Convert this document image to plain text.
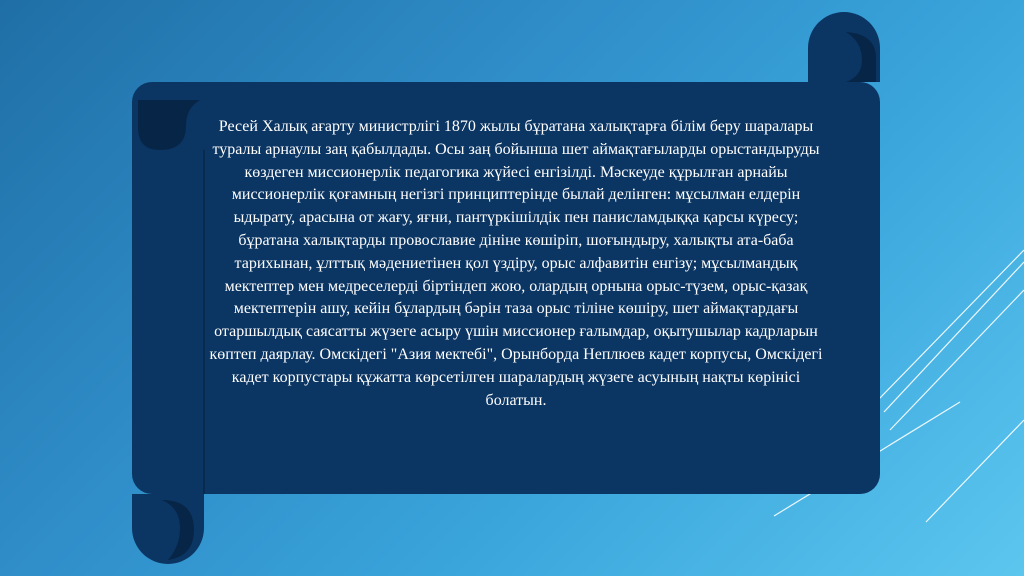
Ресей Халық ағарту министрлігі 1870 жылы бұратана халықтарға білім беру шаралары туралы арнаулы заң қабылдады. Осы заң бойынша шет аймақтағыларды орыстандыруды көздеген миссионерлік педагогика жүйесі енгізілді. Мәскеуде құрылған арнайы миссионерлік қоғамның негізгі принциптерінде былай делінген: мұсылман елдерін ыдырату, арасына от жағу, яғни, пантүркішілдік пен панисламдыққа қарсы күресу; бұратана халықтарды провославие дініне көшіріп, шоғындыру, халықты ата-баба тарихынан, ұлттық мәдениетінен қол үздіру, орыс алфавитін енгізу; мұсылмандық мектептер мен медреселерді біртіндеп жою, олардың орнына орыс-түзем, орыс-қазақ мектептерін ашу, кейін бұлардың бәрін таза орыс тіліне көшіру, шет аймақтардағы отаршылдық саясатты жүзеге асыру үшін миссионер ғалымдар, оқытушылар кадрларын көптеп даярлау. Омскідегі "Азия мектебі", Орынборда Неплюев кадет корпусы, Омскідегі кадет корпустары құжатта көрсетілген шаралардың жүзеге асуының нақты көрінісі болатын.
